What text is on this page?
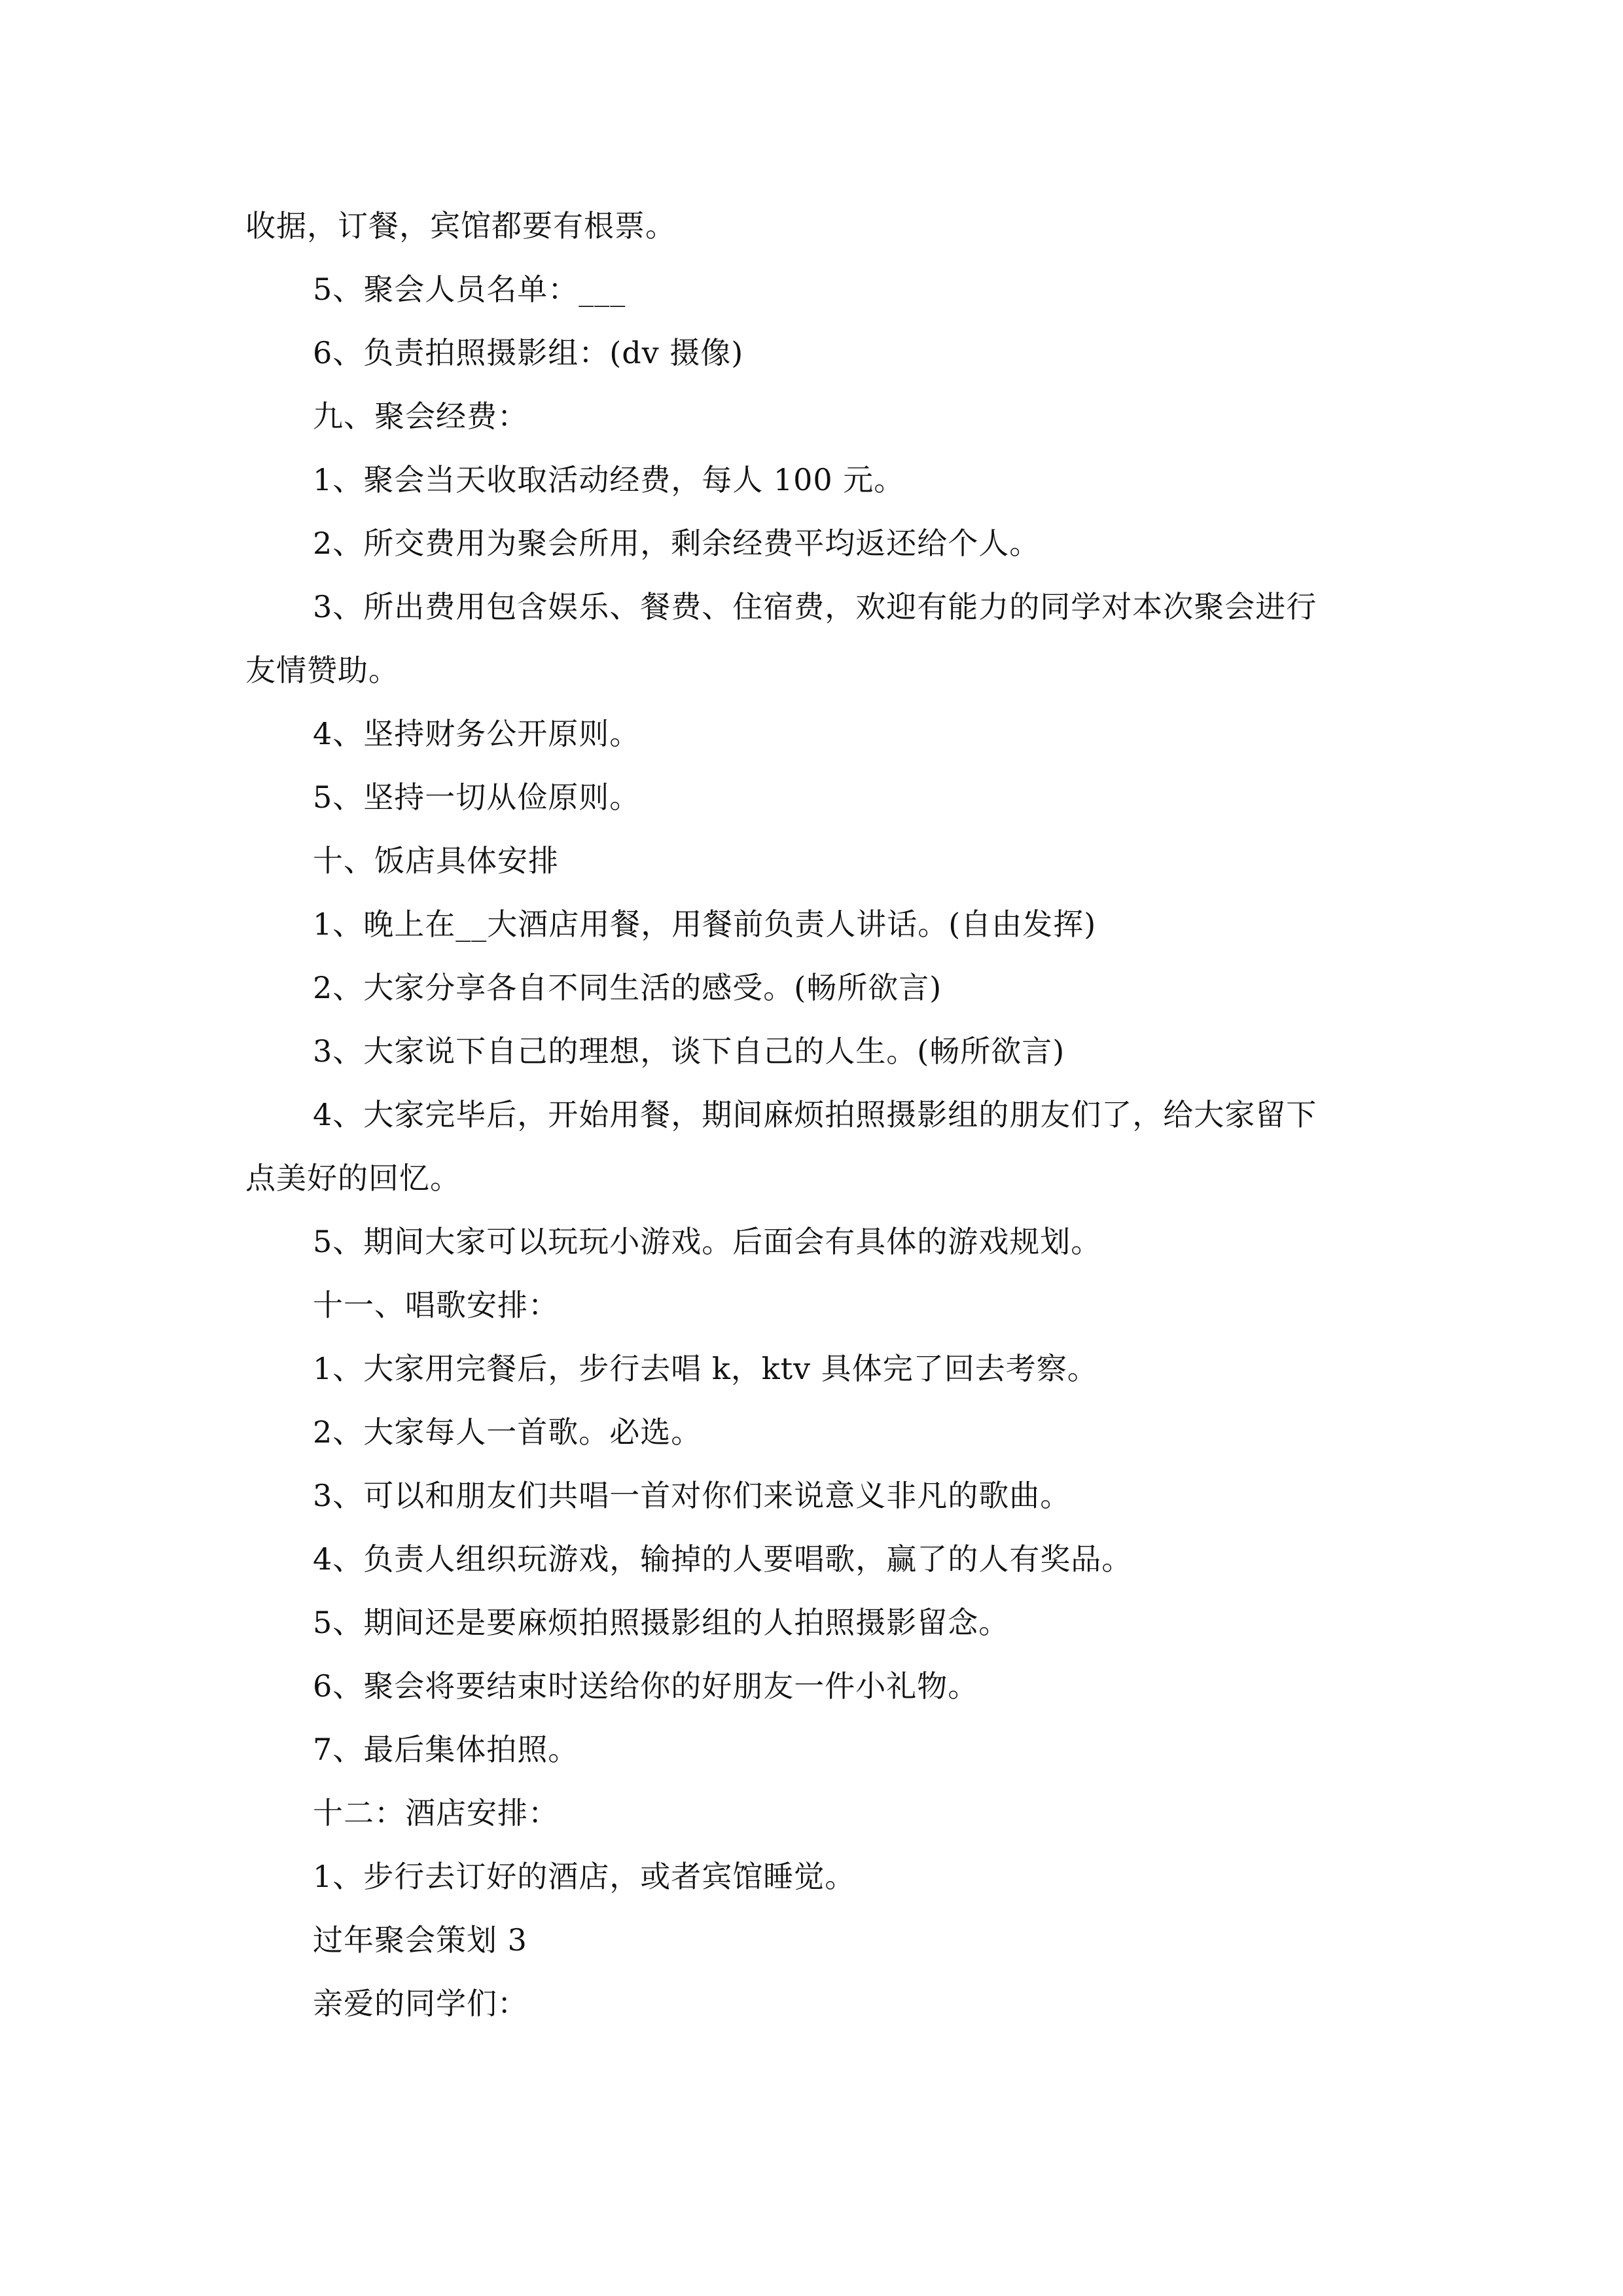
收据，订餐，宾馆都要有根票。
5、聚会人员名单：___
6、负责拍照摄影组：(dv 摄像)
九、聚会经费：
1、聚会当天收取活动经费，每人 100 元。
2、所交费用为聚会所用，剩余经费平均返还给个人。
3、所出费用包含娱乐、餐费、住宿费，欢迎有能力的同学对本次聚会进行
友情赞助。
4、坚持财务公开原则。
5、坚持一切从俭原则。
十、饭店具体安排
1、晚上在__大酒店用餐，用餐前负责人讲话。(自由发挥)
2、大家分享各自不同生活的感受。(畅所欲言)
3、大家说下自己的理想，谈下自己的人生。(畅所欲言)
4、大家完毕后，开始用餐，期间麻烦拍照摄影组的朋友们了，给大家留下
点美好的回忆。
5、期间大家可以玩玩小游戏。后面会有具体的游戏规划。
十一、唱歌安排：
1、大家用完餐后，步行去唱 k，ktv 具体完了回去考察。
2、大家每人一首歌。必选。
3、可以和朋友们共唱一首对你们来说意义非凡的歌曲。
4、负责人组织玩游戏，输掉的人要唱歌，赢了的人有奖品。
5、期间还是要麻烦拍照摄影组的人拍照摄影留念。
6、聚会将要结束时送给你的好朋友一件小礼物。
7、最后集体拍照。
十二：酒店安排：
1、步行去订好的酒店，或者宾馆睡觉。
过年聚会策划 3
亲爱的同学们：
